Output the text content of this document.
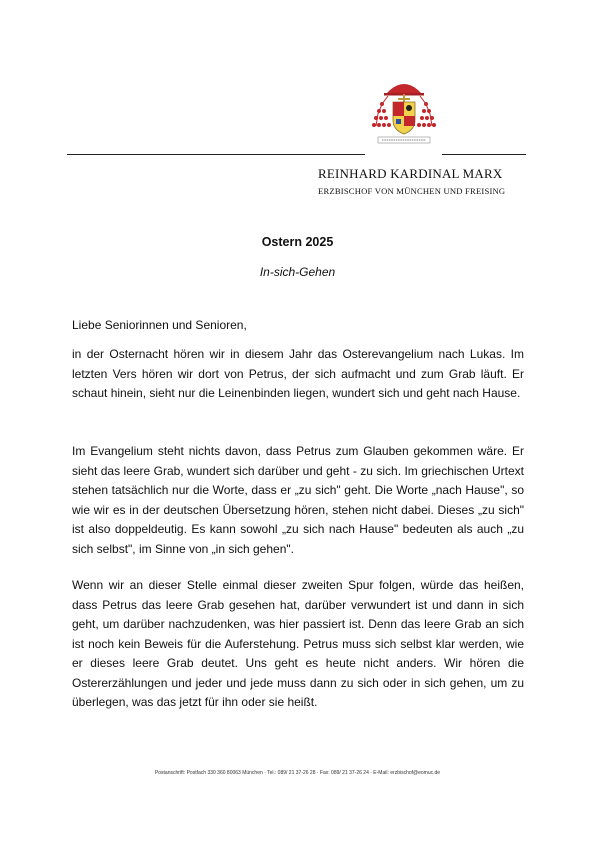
REINHARD KARDINAL MARX
ERZBISCHOF VON MÜNCHEN UND FREISING
Ostern 2025
In-sich-Gehen
Liebe Seniorinnen und Senioren,

in der Osternacht hören wir in diesem Jahr das Osterevangelium nach Lukas. Im letzten Vers hören wir dort von Petrus, der sich aufmacht und zum Grab läuft. Er schaut hinein, sieht nur die Leinenbinden liegen, wundert sich und geht nach Hause.

Im Evangelium steht nichts davon, dass Petrus zum Glauben gekommen wäre. Er sieht das leere Grab, wundert sich darüber und geht - zu sich. Im griechischen Urtext stehen tatsächlich nur die Worte, dass er „zu sich" geht. Die Worte „nach Hause", so wie wir es in der deutschen Übersetzung hören, stehen nicht dabei. Dieses „zu sich" ist also doppeldeutig. Es kann sowohl „zu sich nach Hause" bedeuten als auch „zu sich selbst", im Sinne von „in sich gehen".

Wenn wir an dieser Stelle einmal dieser zweiten Spur folgen, würde das heißen, dass Petrus das leere Grab gesehen hat, darüber verwundert ist und dann in sich geht, um darüber nachzudenken, was hier passiert ist. Denn das leere Grab an sich ist noch kein Beweis für die Auferstehung. Petrus muss sich selbst klar werden, wie er dieses leere Grab deutet. Uns geht es heute nicht anders. Wir hören die Ostererzählungen und jeder und jede muss dann zu sich oder in sich gehen, um zu überlegen, was das jetzt für ihn oder sie heißt.

Postanschrift: Postfach 330 360 80063 München · Tel.: 089/ 21 37-26 28 · Fax: 089/ 21 37-26 24 · E-Mail: erzbischof@eomuc.de
